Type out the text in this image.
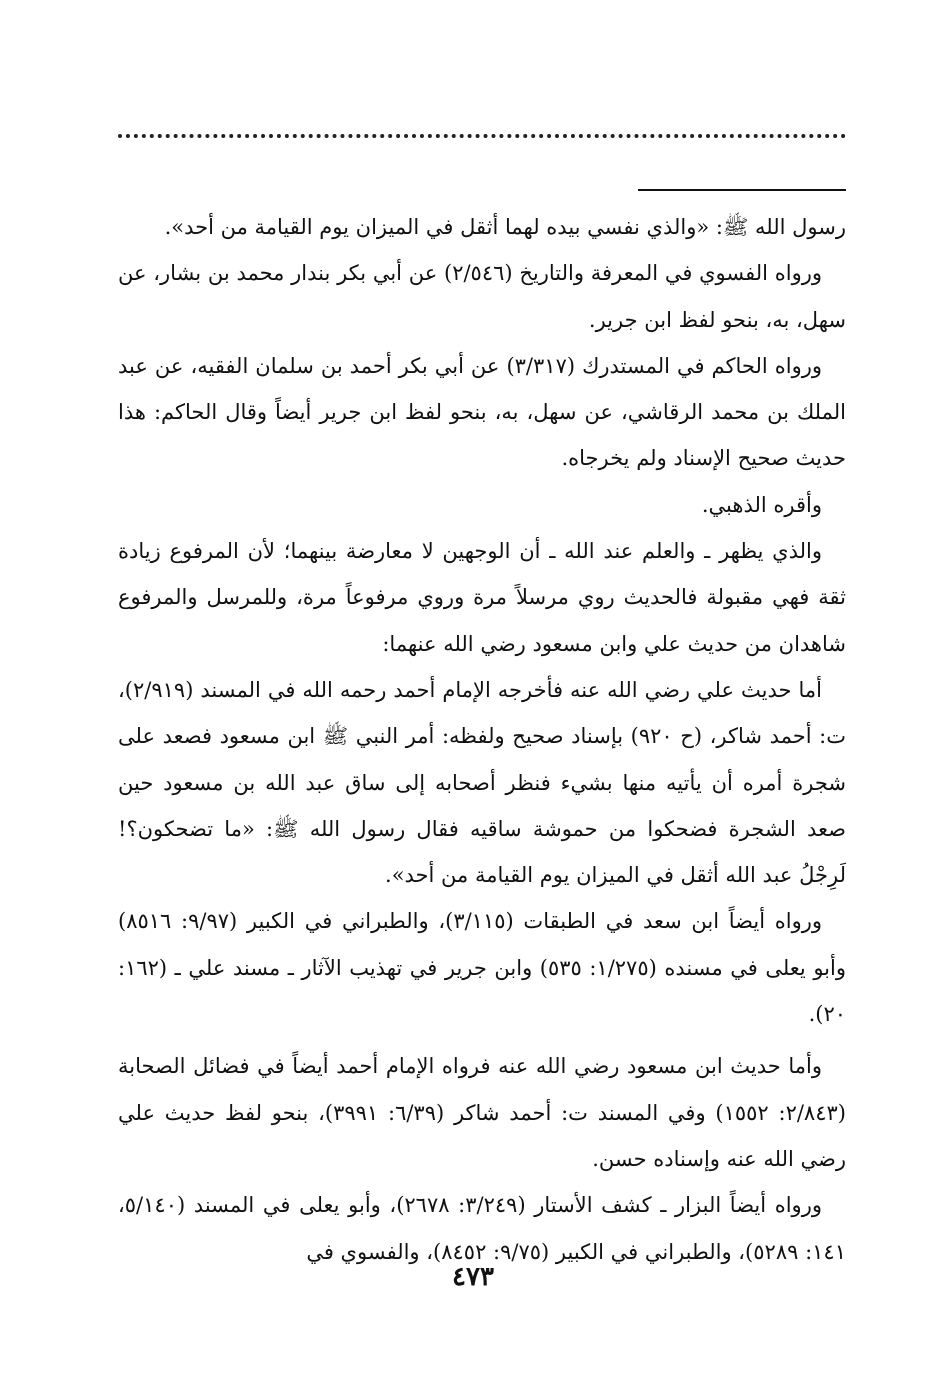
رسول الله ﷺ: «والذي نفسي بيده لهما أثقل في الميزان يوم القيامة من أحد».

ورواه الفسوي في المعرفة والتاريخ (٢/٥٤٦) عن أبي بكر بندار محمد بن بشار، عن سهل، به، بنحو لفظ ابن جرير.

ورواه الحاكم في المستدرك (٣/٣١٧) عن أبي بكر أحمد بن سلمان الفقيه، عن عبد الملك بن محمد الرقاشي، عن سهل، به، بنحو لفظ ابن جرير أيضاً وقال الحاكم: هذا حديث صحيح الإسناد ولم يخرجاه.

وأقره الذهبي.

والذي يظهر ـ والعلم عند الله ـ أن الوجهين لا معارضة بينهما؛ لأن المرفوع زيادة ثقة فهي مقبولة فالحديث روي مرسلاً مرة وروي مرفوعاً مرة، وللمرسل والمرفوع شاهدان من حديث علي وابن مسعود رضي الله عنهما:

أما حديث علي رضي الله عنه فأخرجه الإمام أحمد رحمه الله في المسند (٢/٩١٩)، ت: أحمد شاكر، (ح ٩٢٠) بإسناد صحيح ولفظه: أمر النبي ﷺ ابن مسعود فصعد على شجرة أمره أن يأتيه منها بشيء فنظر أصحابه إلى ساق عبد الله بن مسعود حين صعد الشجرة فضحكوا من حموشة ساقيه فقال رسول الله ﷺ: «ما تضحكون؟! لَرِجْلُ عبد الله أثقل في الميزان يوم القيامة من أحد».

ورواه أيضاً ابن سعد في الطبقات (٣/١١٥)، والطبراني في الكبير (٩/٩٧: ٨٥١٦) وأبو يعلى في مسنده (١/٢٧٥: ٥٣٥) وابن جرير في تهذيب الآثار ـ مسند علي ـ (١٦٢: ٢٠).

وأما حديث ابن مسعود رضي الله عنه فرواه الإمام أحمد أيضاً في فضائل الصحابة (٢/٨٤٣: ١٥٥٢) وفي المسند ت: أحمد شاكر (٦/٣٩: ٣٩٩١)، بنحو لفظ حديث علي رضي الله عنه وإسناده حسن.

ورواه أيضاً البزار ـ كشف الأستار (٣/٢٤٩: ٢٦٧٨)، وأبو يعلى في المسند (٥/١٤٠، ١٤١: ٥٢٨٩)، والطبراني في الكبير (٩/٧٥: ٨٤٥٢)، والفسوي في

٤٧٣
